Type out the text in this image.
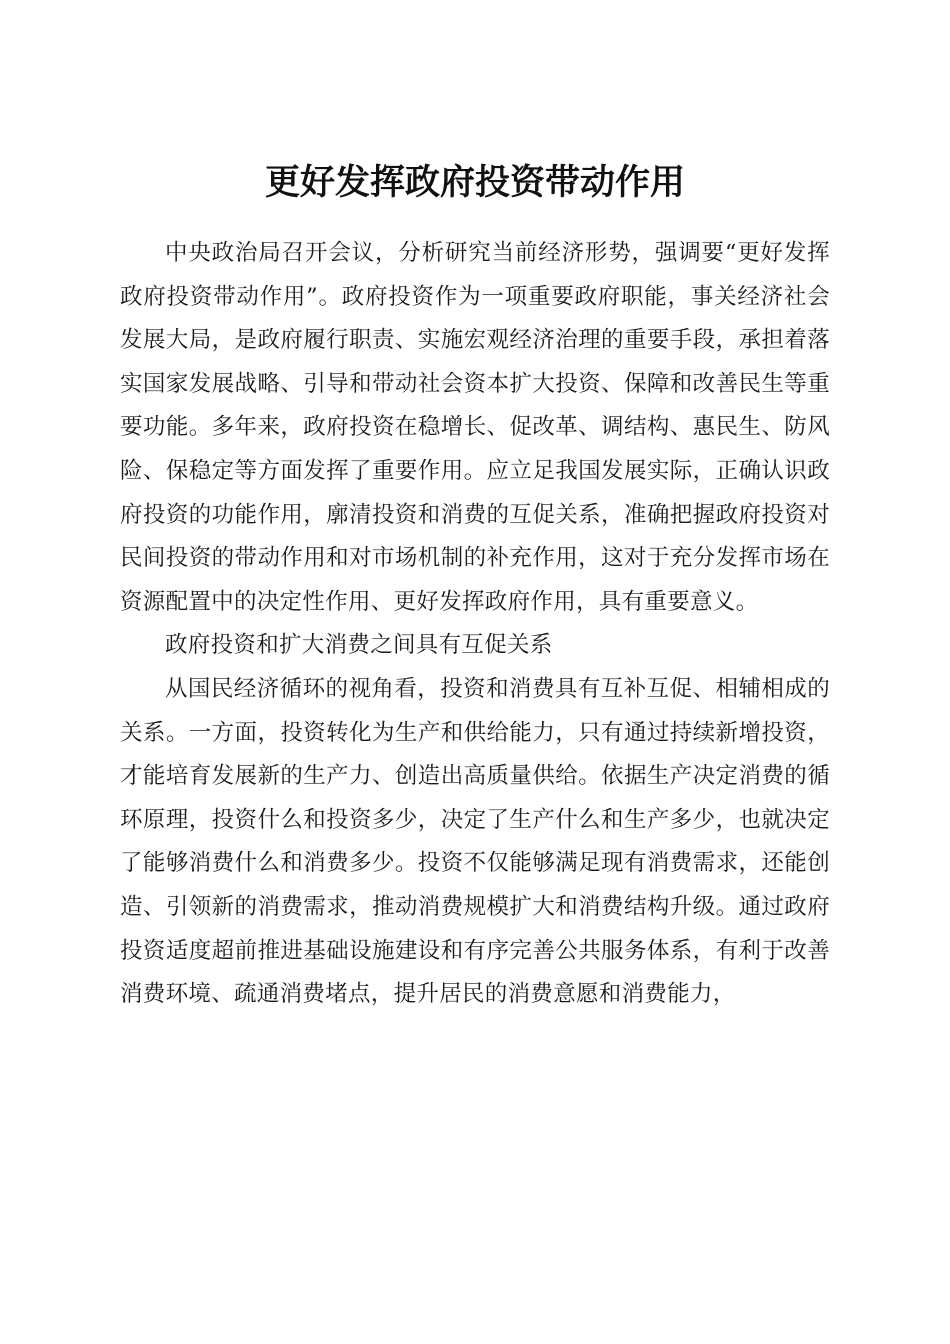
更好发挥政府投资带动作用

中央政治局召开会议，分析研究当前经济形势，强调要“更好发挥政府投资带动作用”。政府投资作为一项重要政府职能，事关经济社会发展大局，是政府履行职责、实施宏观经济治理的重要手段，承担着落实国家发展战略、引导和带动社会资本扩大投资、保障和改善民生等重要功能。多年来，政府投资在稳增长、促改革、调结构、惠民生、防风险、保稳定等方面发挥了重要作用。应立足我国发展实际，正确认识政府投资的功能作用，廓清投资和消费的互促关系，准确把握政府投资对民间投资的带动作用和对市场机制的补充作用，这对于充分发挥市场在资源配置中的决定性作用、更好发挥政府作用，具有重要意义。

政府投资和扩大消费之间具有互促关系

从国民经济循环的视角看，投资和消费具有互补互促、相辅相成的关系。一方面，投资转化为生产和供给能力，只有通过持续新增投资，才能培育发展新的生产力、创造出高质量供给。依据生产决定消费的循环原理，投资什么和投资多少，决定了生产什么和生产多少，也就决定了能够消费什么和消费多少。投资不仅能够满足现有消费需求，还能创造、引领新的消费需求，推动消费规模扩大和消费结构升级。通过政府投资适度超前推进基础设施建设和有序完善公共服务体系，有利于改善消费环境、疏通消费堵点，提升居民的消费意愿和消费能力，
